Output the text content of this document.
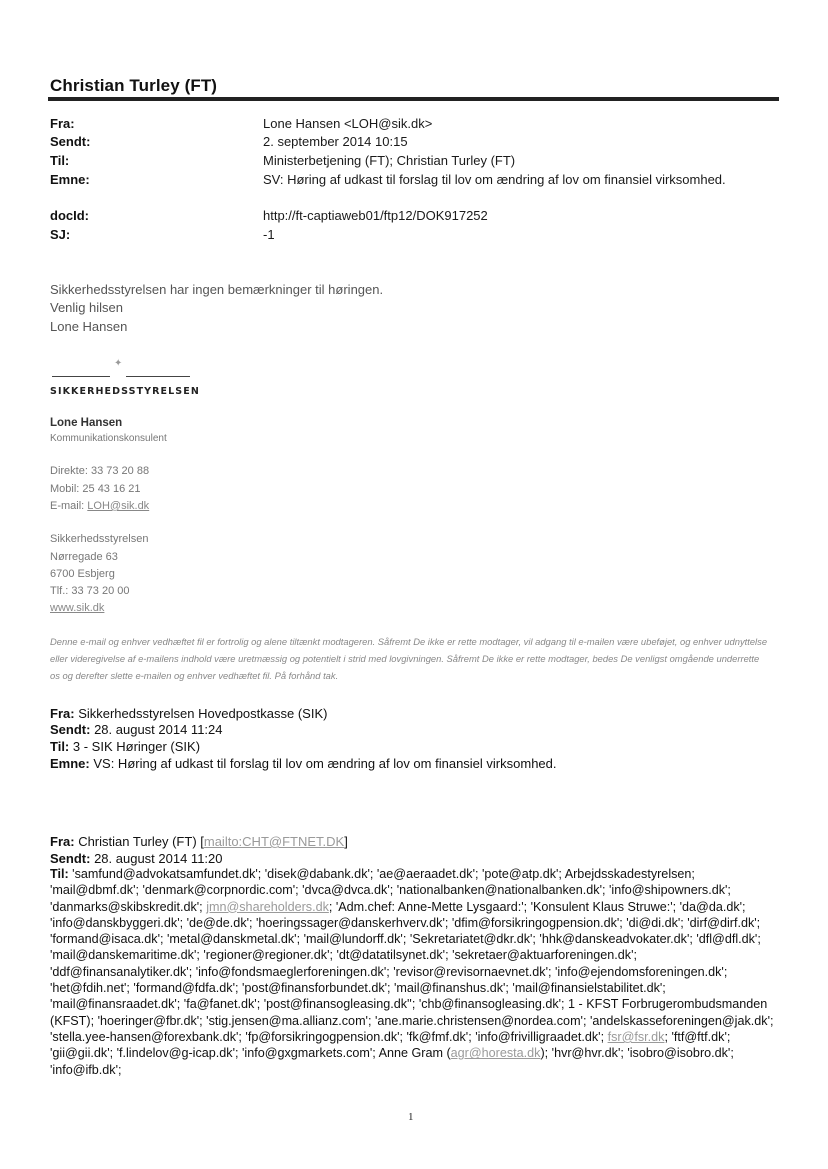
Christian Turley (FT)
Fra:	Lone Hansen <LOH@sik.dk>
Sendt:	2. september 2014 10:15
Til:	Ministerbetjening (FT); Christian Turley (FT)
Emne:	SV: Høring af udkast til forslag til lov om ændring af lov om finansiel virksomhed.
docId:	http://ft-captiaweb01/ftp12/DOK917252
SJ:	-1
Sikkerhedsstyrelsen har ingen bemærkninger til høringen.
Venlig hilsen
Lone Hansen
✦
SIKKERHEDSSTYRELSEN
Lone Hansen
Kommunikationskonsulent
Direkte: 33 73 20 88
Mobil: 25 43 16 21
E-mail: LOH@sik.dk
Sikkerhedsstyrelsen
Nørregade 63
6700 Esbjerg
Tlf.: 33 73 20 00
www.sik.dk
Denne e-mail og enhver vedhæftet fil er fortrolig og alene tiltænkt modtageren. Såfremt De ikke er rette modtager, vil adgang til e-mailen være ubeføjet, og enhver udnyttelse eller videregivelse af e-mailens indhold være uretmæssig og potentielt i strid med lovgivningen. Såfremt De ikke er rette modtager, bedes De venligst omgående underrette os og derefter slette e-mailen og enhver vedhæftet fil. På forhånd tak.
Fra: Sikkerhedsstyrelsen Hovedpostkasse (SIK)
Sendt: 28. august 2014 11:24
Til: 3 - SIK Høringer (SIK)
Emne: VS: Høring af udkast til forslag til lov om ændring af lov om finansiel virksomhed.
Fra: Christian Turley (FT) [mailto:CHT@FTNET.DK]
Sendt: 28. august 2014 11:20
Til: 'samfund@advokatsamfundet.dk'; 'disek@dabank.dk'; 'ae@aeraadet.dk'; 'pote@atp.dk'; Arbejdsskadestyrelsen; 'mail@dbmf.dk'; 'denmark@corpnordic.com'; 'dvca@dvca.dk'; 'nationalbanken@nationalbanken.dk'; 'info@shipowners.dk'; 'danmarks@skibskredit.dk'; jmn@shareholders.dk; 'Adm.chef: Anne-Mette Lysgaard:'; 'Konsulent Klaus Struwe:'; 'da@da.dk'; 'info@danskbyggeri.dk'; 'de@de.dk'; 'hoeringssager@danskerhverv.dk'; 'dfim@forsikringogpension.dk'; 'di@di.dk'; 'dirf@dirf.dk'; 'formand@isaca.dk'; 'metal@danskmetal.dk'; 'mail@lundorff.dk'; 'Sekretariatet@dkr.dk'; 'hhk@danskeadvokater.dk'; 'dfl@dfl.dk'; 'mail@danskemaritime.dk'; 'regioner@regioner.dk'; 'dt@datatilsynet.dk'; 'sekretaer@aktuarforeningen.dk'; 'ddf@finansanalytiker.dk'; 'info@fondsmaeglerforeningen.dk'; 'revisor@revisornaevnet.dk'; 'info@ejendomsforeningen.dk'; 'het@fdih.net'; 'formand@fdfa.dk'; 'post@finansforbundet.dk'; 'mail@finanshus.dk'; 'mail@finansielstabilitet.dk'; 'mail@finansraadet.dk'; 'fa@fanet.dk'; 'post@finansogleasing.dk''; 'chb@finansogleasing.dk'; 1 - KFST Forbrugerombudsmanden (KFST); 'hoeringer@fbr.dk'; 'stig.jensen@ma.allianz.com'; 'ane.marie.christensen@nordea.com'; 'andelskasseforeningen@jak.dk'; 'stella.yee-hansen@forexbank.dk'; 'fp@forsikringogpension.dk'; 'fk@fmf.dk'; 'info@frivilligraadet.dk'; fsr@fsr.dk; 'ftf@ftf.dk'; 'gii@gii.dk'; 'f.lindelov@g-icap.dk'; 'info@gxgmarkets.com'; Anne Gram (agr@horesta.dk); 'hvr@hvr.dk'; 'isobro@isobro.dk'; 'info@ifb.dk';
1
